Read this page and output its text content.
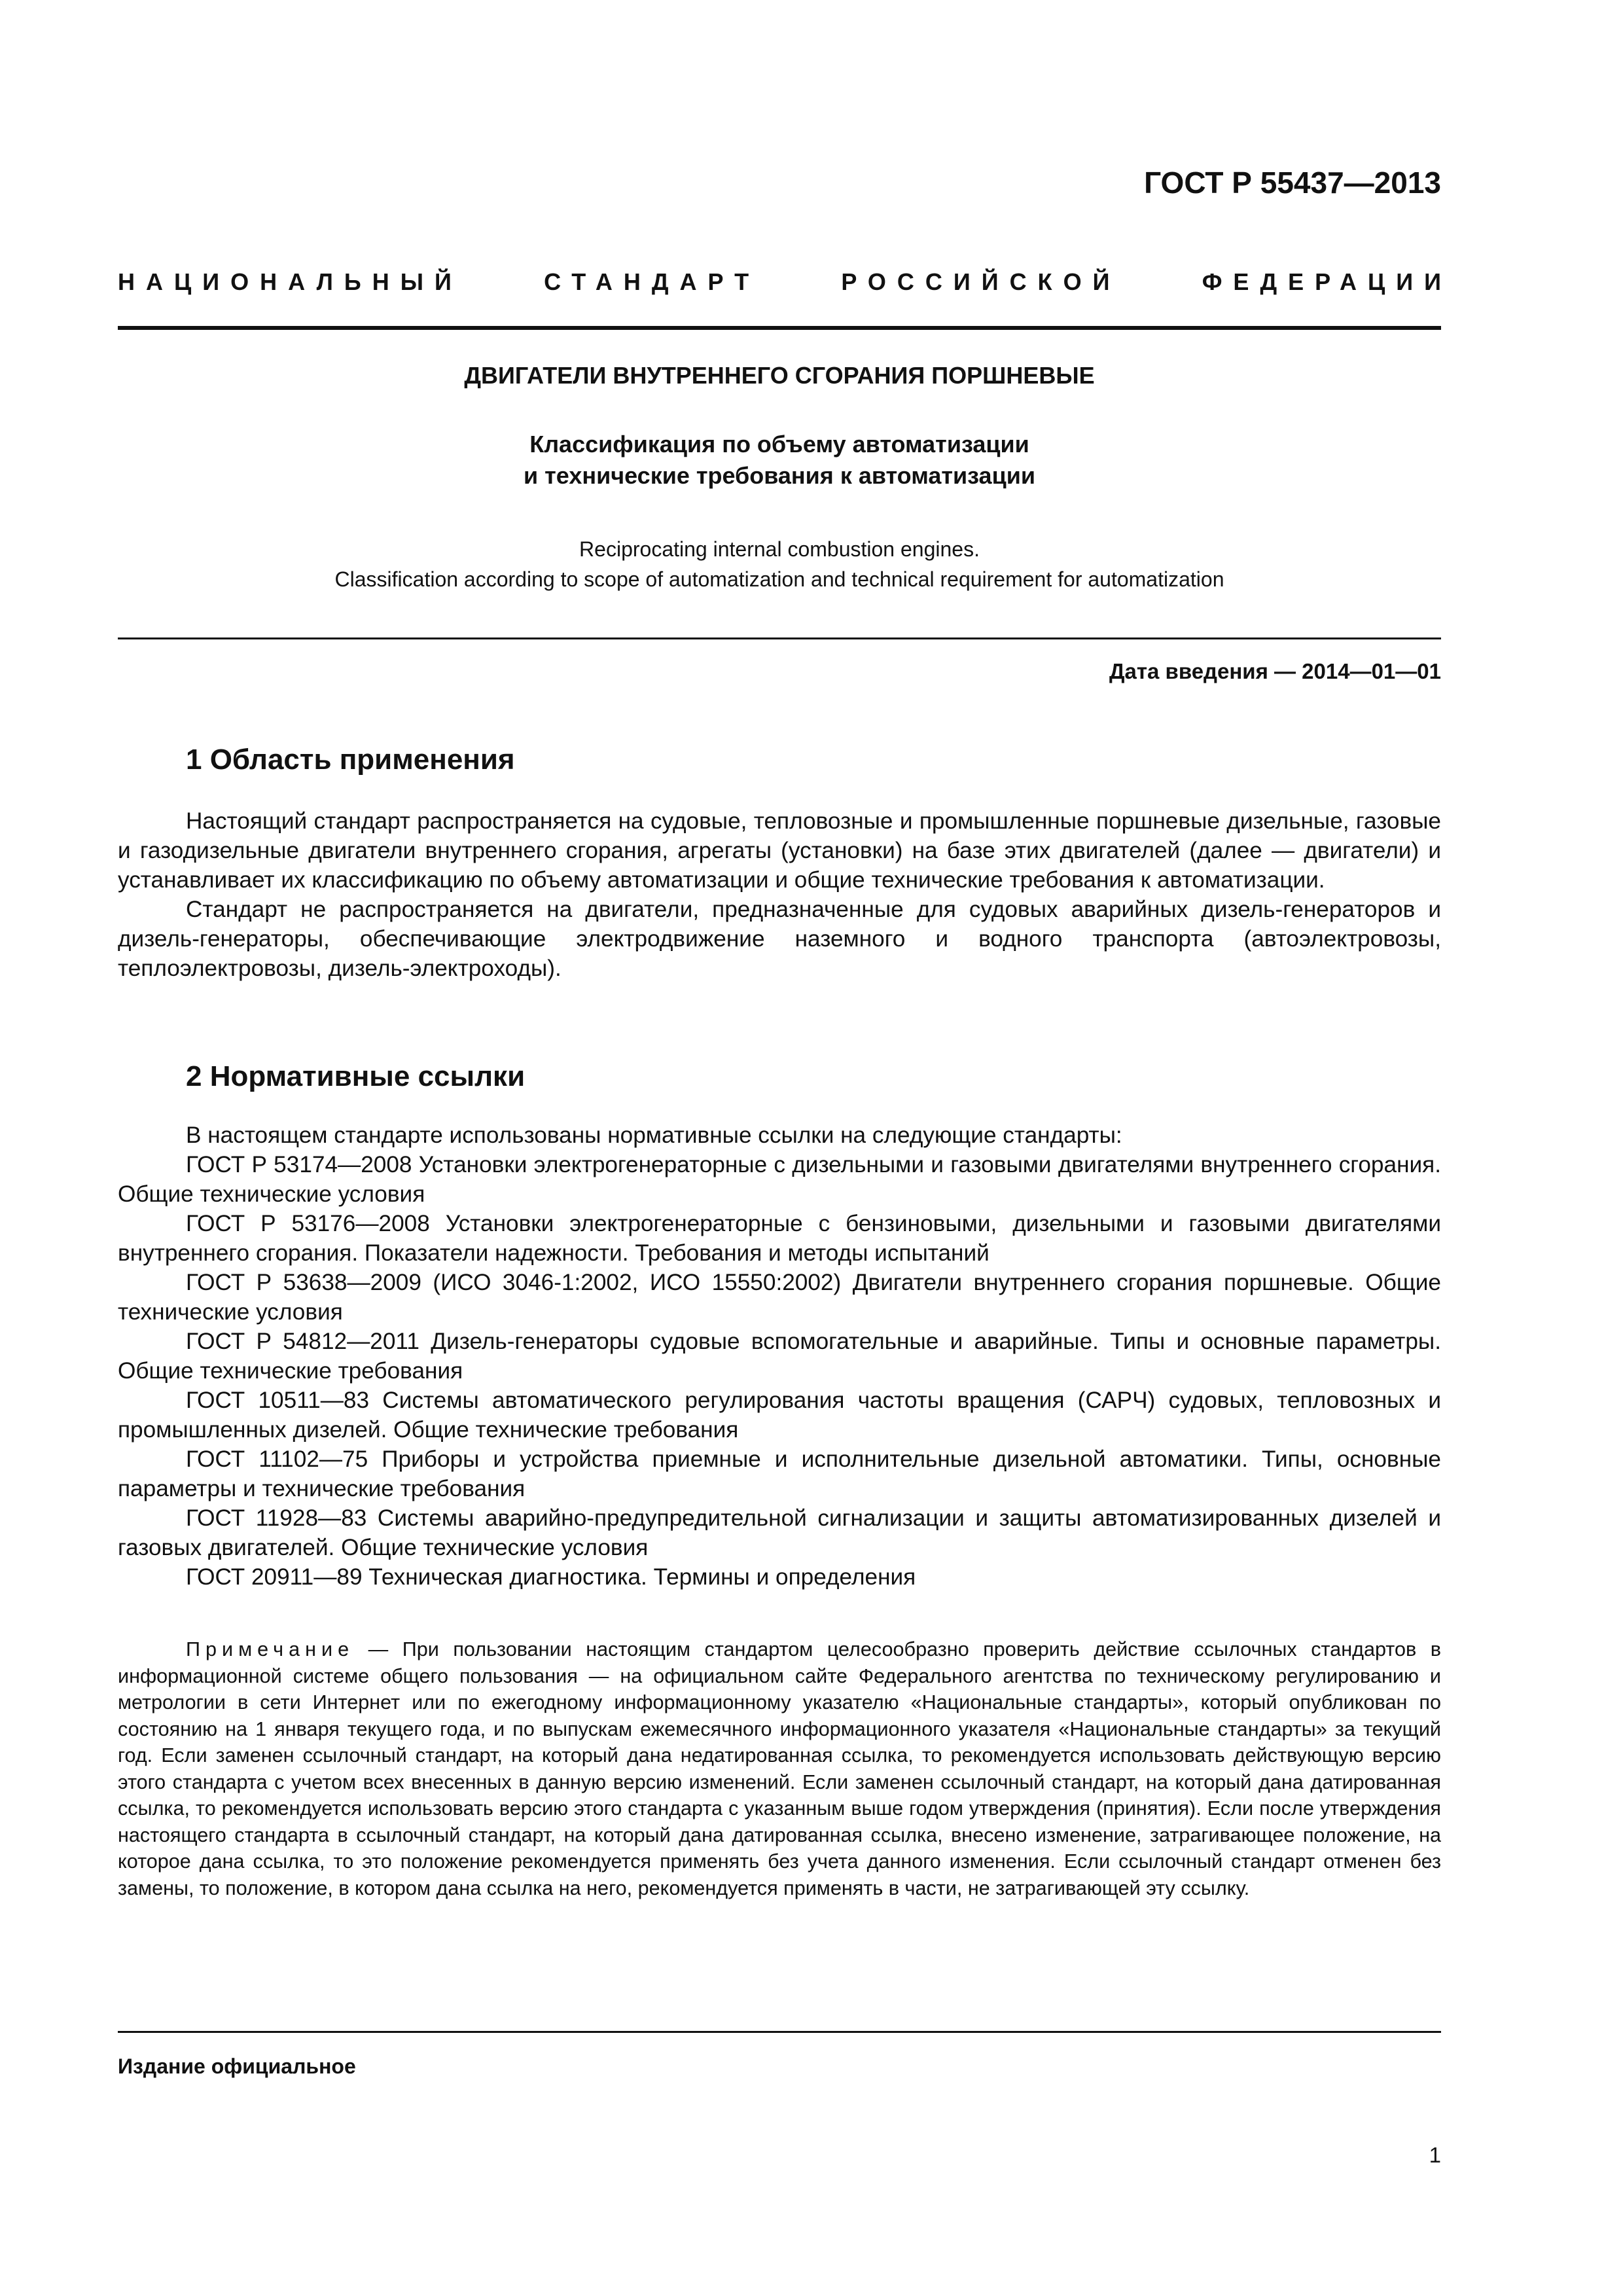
ГОСТ Р 55437—2013
НАЦИОНАЛЬНЫЙ	СТАНДАРТ	РОССИЙСКОЙ	ФЕДЕРАЦИИ
ДВИГАТЕЛИ ВНУТРЕННЕГО СГОРАНИЯ ПОРШНЕВЫЕ
Классификация по объему автоматизации
и технические требования к автоматизации
Reciprocating internal combustion engines.
Classification according to scope of automatization and technical requirement for automatization
Дата введения — 2014—01—01
1 Область применения

Настоящий стандарт распространяется на судовые, тепловозные и промышленные поршневые дизельные, газовые и газодизельные двигатели внутреннего сгорания, агрегаты (установки) на базе этих двигателей (далее — двигатели) и устанавливает их классификацию по объему автоматизации и общие технические требования к автоматизации.

Стандарт не распространяется на двигатели, предназначенные для судовых аварийных дизель-генераторов и дизель-генераторы, обеспечивающие электродвижение наземного и водного транспорта (автоэлектровозы, теплоэлектровозы, дизель-электроходы).

2 Нормативные ссылки

В настоящем стандарте использованы нормативные ссылки на следующие стандарты:

ГОСТ Р 53174—2008 Установки электрогенераторные с дизельными и газовыми двигателями внутреннего сгорания. Общие технические условия

ГОСТ Р 53176—2008 Установки электрогенераторные с бензиновыми, дизельными и газовыми двигателями внутреннего сгорания. Показатели надежности. Требования и методы испытаний

ГОСТ Р 53638—2009 (ИСО 3046-1:2002, ИСО 15550:2002) Двигатели внутреннего сгорания поршневые. Общие технические условия

ГОСТ Р 54812—2011 Дизель-генераторы судовые вспомогательные и аварийные. Типы и основные параметры. Общие технические требования

ГОСТ 10511—83 Системы автоматического регулирования частоты вращения (САРЧ) судовых, тепловозных и промышленных дизелей. Общие технические требования

ГОСТ 11102—75 Приборы и устройства приемные и исполнительные дизельной автоматики. Типы, основные параметры и технические требования

ГОСТ 11928—83 Системы аварийно-предупредительной сигнализации и защиты автоматизированных дизелей и газовых двигателей. Общие технические условия

ГОСТ 20911—89 Техническая диагностика. Термины и определения

Примечание — При пользовании настоящим стандартом целесообразно проверить действие ссылочных стандартов в информационной системе общего пользования — на официальном сайте Федерального агентства по техническому регулированию и метрологии в сети Интернет или по ежегодному информационному указателю «Национальные стандарты», который опубликован по состоянию на 1 января текущего года, и по выпускам ежемесячного информационного указателя «Национальные стандарты» за текущий год. Если заменен ссылочный стандарт, на который дана недатированная ссылка, то рекомендуется использовать действующую версию этого стандарта с учетом всех внесенных в данную версию изменений. Если заменен ссылочный стандарт, на который дана датированная ссылка, то рекомендуется использовать версию этого стандарта с указанным выше годом утверждения (принятия). Если после утверждения настоящего стандарта в ссылочный стандарт, на который дана датированная ссылка, внесено изменение, затрагивающее положение, на которое дана ссылка, то это положение рекомендуется применять без учета данного изменения. Если ссылочный стандарт отменен без замены, то положение, в котором дана ссылка на него, рекомендуется применять в части, не затрагивающей эту ссылку.

Издание официальное
1
